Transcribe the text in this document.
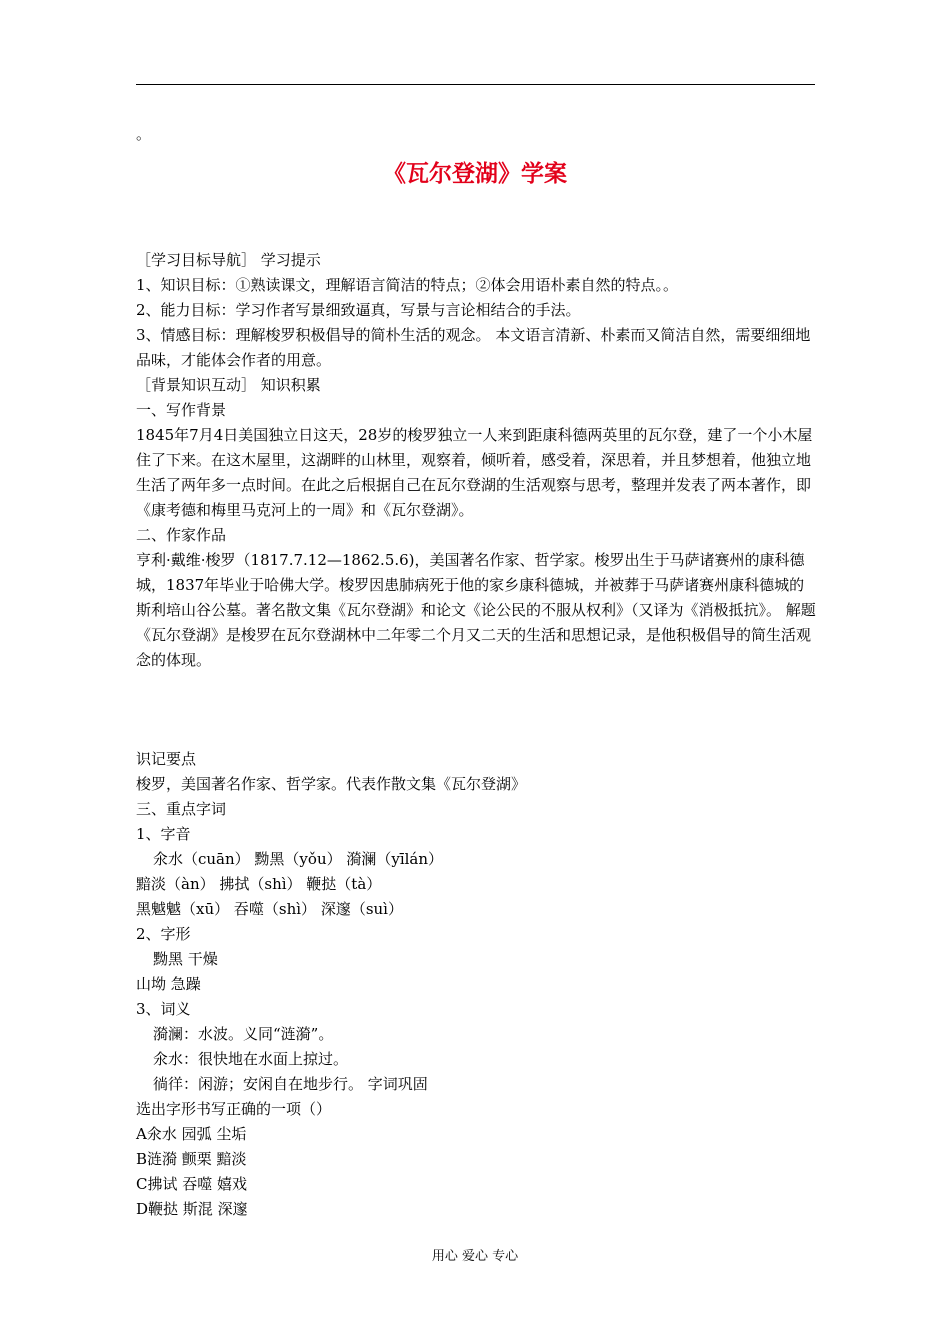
。
《瓦尔登湖》学案

［学习目标导航］ 学习提示

1、知识目标：①熟读课文，理解语言简洁的特点；②体会用语朴素自然的特点。。

2、能力目标：学习作者写景细致逼真，写景与言论相结合的手法。

3、情感目标：理解梭罗积极倡导的简朴生活的观念。 本文语言清新、朴素而又简洁自然，需要细细地品味，才能体会作者的用意。

［背景知识互动］ 知识积累

一、写作背景

1845年7月4日美国独立日这天，28岁的梭罗独立一人来到距康科德两英里的瓦尔登，建了一个小木屋住了下来。在这木屋里，这湖畔的山林里，观察着，倾听着，感受着，深思着，并且梦想着，他独立地生活了两年多一点时间。在此之后根据自己在瓦尔登湖的生活观察与思考，整理并发表了两本著作，即《康考德和梅里马克河上的一周》和《瓦尔登湖》。

二、作家作品

亨利·戴维·梭罗（1817.7.12—1862.5.6)，美国著名作家、哲学家。梭罗出生于马萨诸赛州的康科德城，1837年毕业于哈佛大学。梭罗因患肺病死于他的家乡康科德城，并被葬于马萨诸赛州康科德城的斯利培山谷公墓。著名散文集《瓦尔登湖》和论文《论公民的不服从权利》（又译为《消极抵抗》。 解题

《瓦尔登湖》是梭罗在瓦尔登湖林中二年零二个月又二天的生活和思想记录，是他积极倡导的简生活观念的体现。

识记要点

梭罗，美国著名作家、哲学家。代表作散文集《瓦尔登湖》

三、重点字词

1、字音

氽水（cuān） 黝黑（yǒu） 漪澜（yīlán）

黯淡（àn） 拂拭（shì） 鞭挞（tà）

黑魆魆（xū） 吞噬（shì） 深邃（suì）

2、字形

黝黑 干燥

山坳 急躁

3、词义

漪澜：水波。义同“涟漪”。

氽水：很快地在水面上掠过。

徜徉：闲游；安闲自在地步行。 字词巩固

选出字形书写正确的一项（）

A氽水 园弧 尘垢

B涟漪 颤栗 黯淡

C拂试 吞噬 嬉戏

D鞭挞 斯混 深邃

用心 爱心 专心
